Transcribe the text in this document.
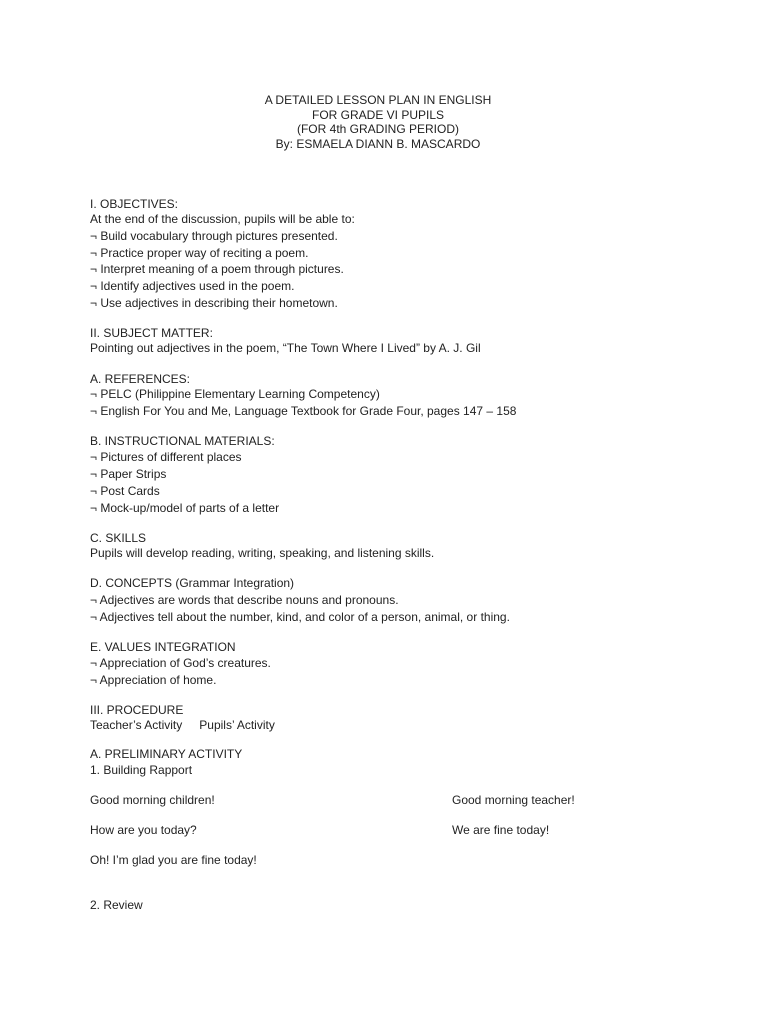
A DETAILED LESSON PLAN IN ENGLISH
FOR GRADE VI PUPILS
(FOR 4th GRADING PERIOD)
By: ESMAELA DIANN B. MASCARDO
I. OBJECTIVES:
At the end of the discussion, pupils will be able to:
¬ Build vocabulary through pictures presented.
¬ Practice proper way of reciting a poem.
¬ Interpret meaning of a poem through pictures.
¬ Identify adjectives used in the poem.
¬ Use adjectives in describing their hometown.
II. SUBJECT MATTER:
Pointing out adjectives in the poem, “The Town Where I Lived” by A. J. Gil
A. REFERENCES:
¬ PELC (Philippine Elementary Learning Competency)
¬ English For You and Me, Language Textbook for Grade Four, pages 147 – 158
B. INSTRUCTIONAL MATERIALS:
¬ Pictures of different places
¬ Paper Strips
¬ Post Cards
¬ Mock-up/model of parts of a letter
C. SKILLS
Pupils will develop reading, writing, speaking, and listening skills.
D. CONCEPTS (Grammar Integration)
¬ Adjectives are words that describe nouns and pronouns.
¬ Adjectives tell about the number, kind, and color of a person, animal, or thing.
E. VALUES INTEGRATION
¬ Appreciation of God’s creatures.
¬ Appreciation of home.
III. PROCEDURE
Teacher’s Activity Pupils’ Activity
A. PRELIMINARY ACTIVITY
1. Building Rapport
Good morning children!	Good morning teacher!
How are you today?	We are fine today!
Oh! I’m glad you are fine today!
2. Review
